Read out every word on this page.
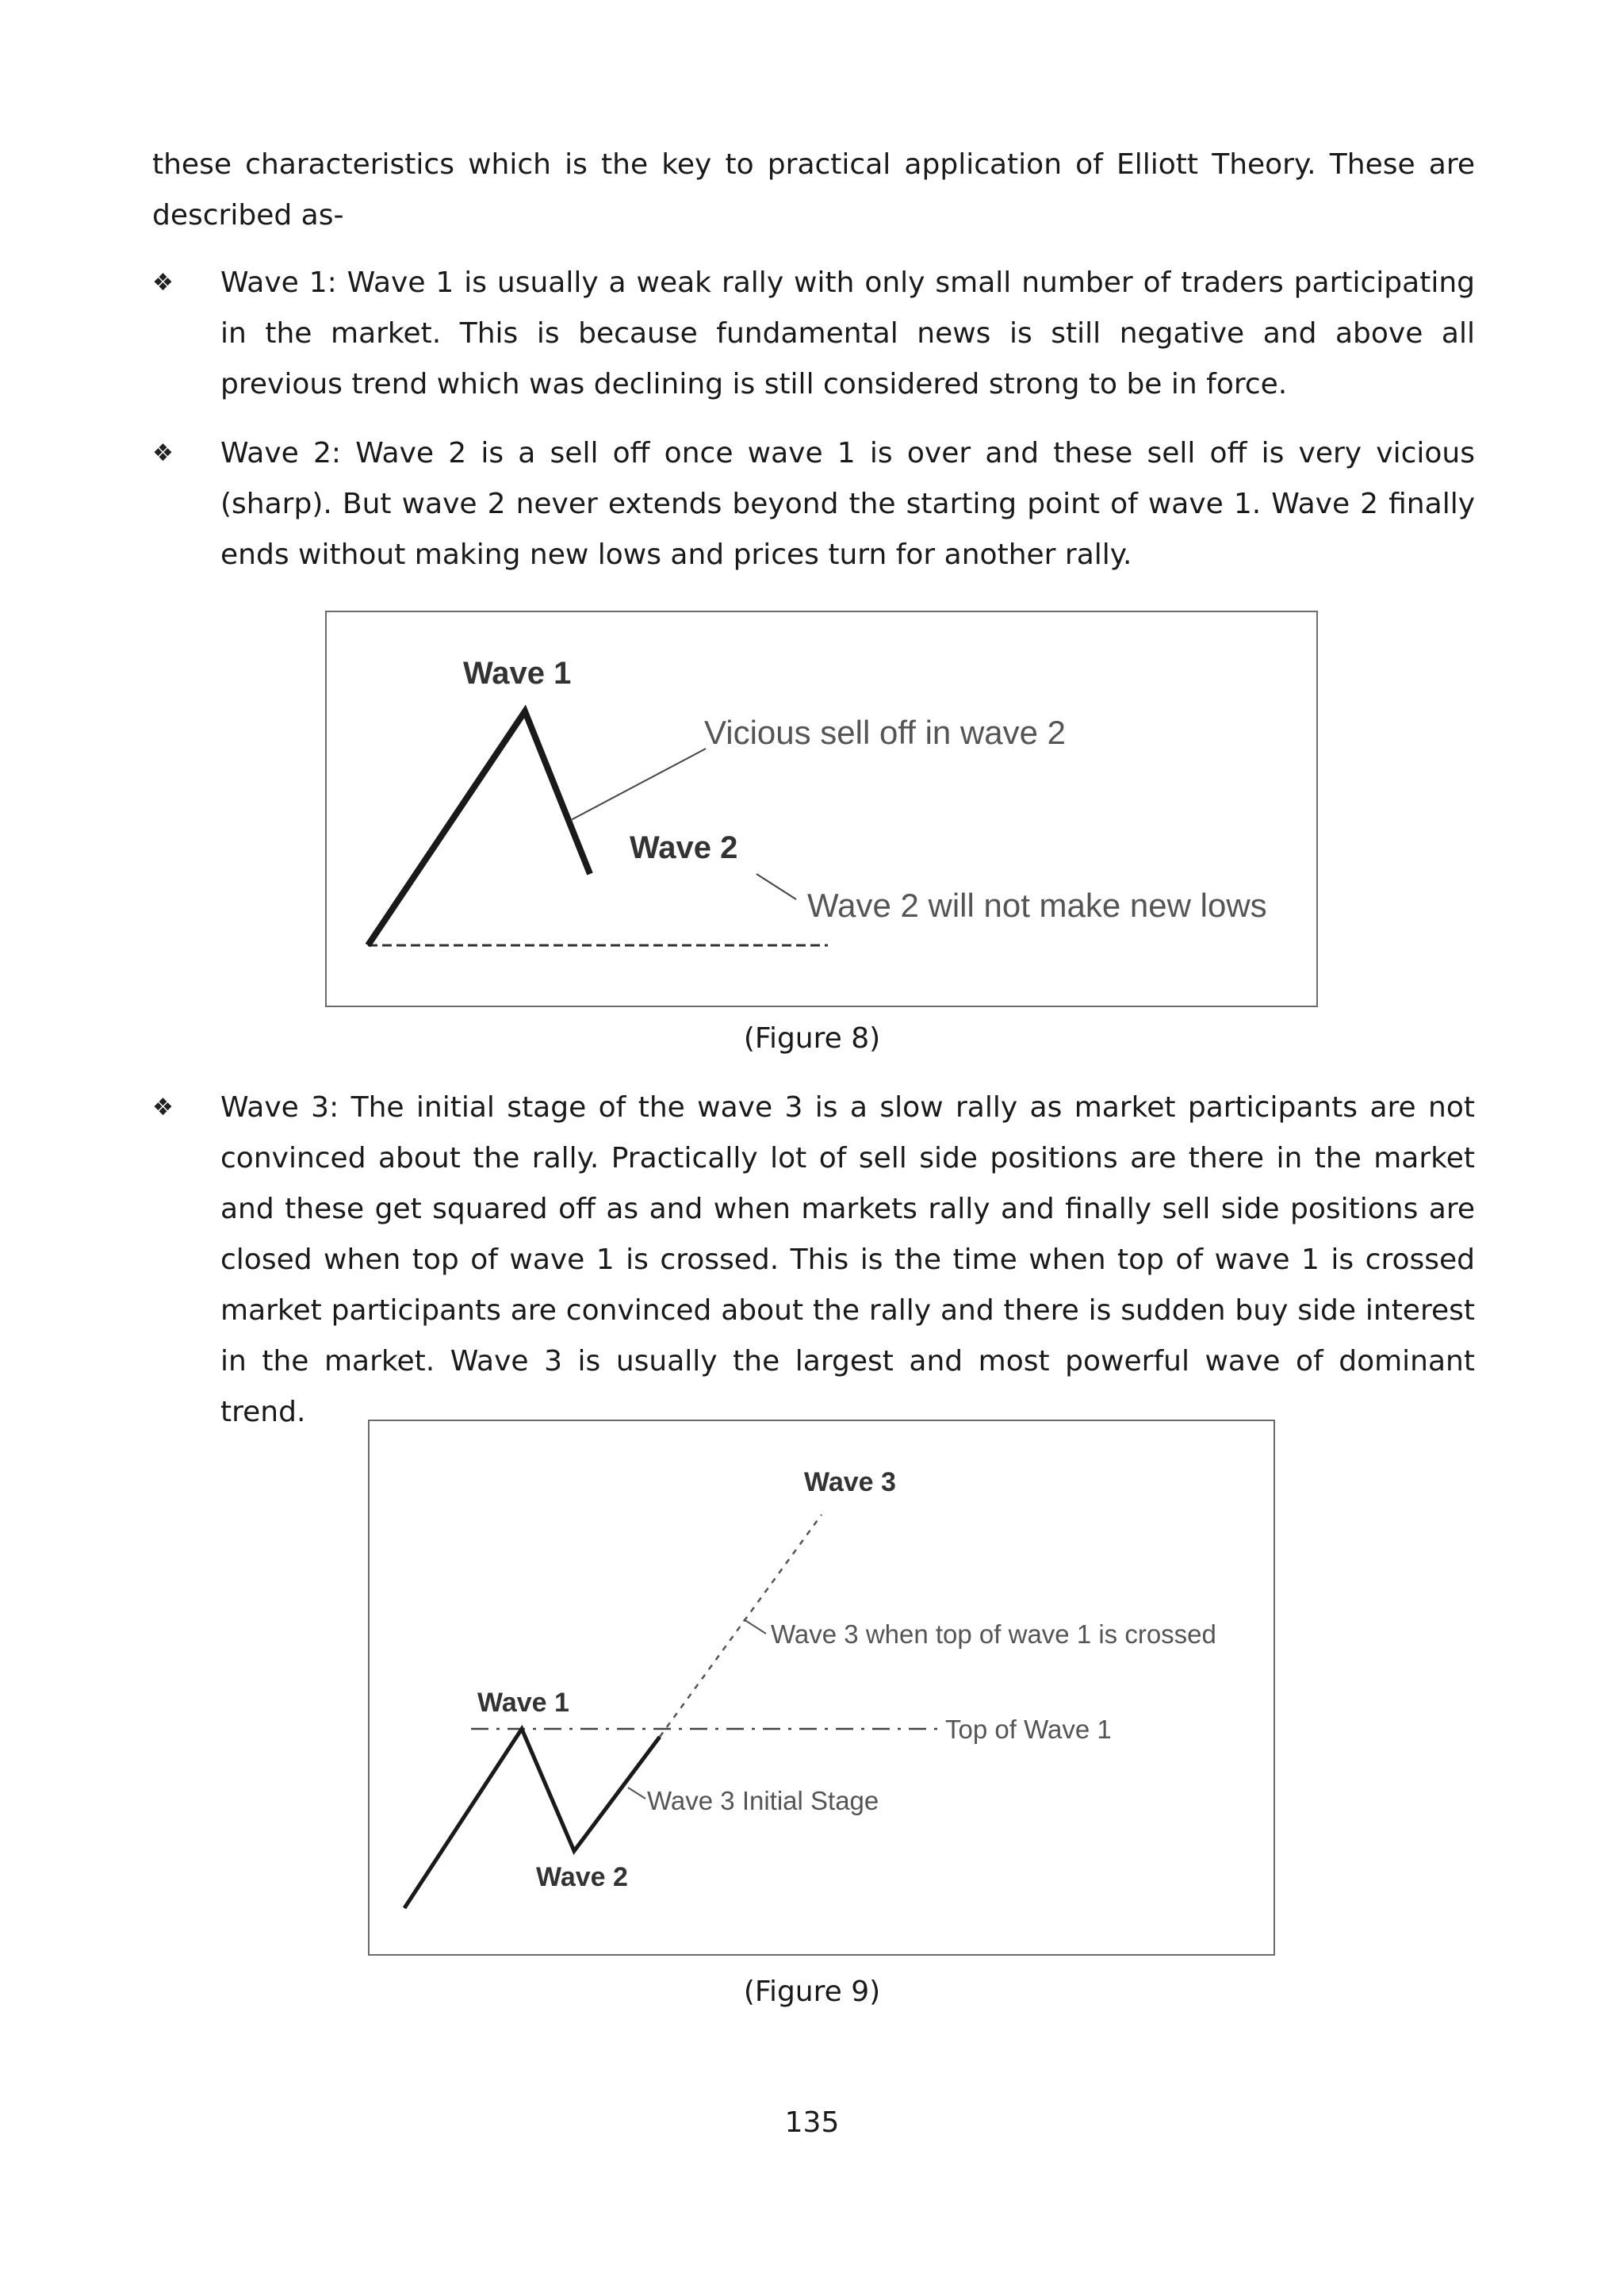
these characteristics which is the key to practical application of Elliott Theory. These are
described as-
❖ Wave 1: Wave 1 is usually a weak rally with only small number of traders participating in the market. This is because fundamental news is still negative and above all previous trend which was declining is still considered strong to be in force.
❖ Wave 2: Wave 2 is a sell off once wave 1 is over and these sell off is very vicious (sharp). But wave 2 never extends beyond the starting point of wave 1. Wave 2 finally ends without making new lows and prices turn for another rally.
Wave 1
Wave 2
Vicious sell off in wave 2
Wave 2 will not make new lows
(Figure 8)
❖ Wave 3: The initial stage of the wave 3 is a slow rally as market participants are not convinced about the rally. Practically lot of sell side positions are there in the market and these get squared off as and when markets rally and finally sell side positions are closed when top of wave 1 is crossed. This is the time when top of wave 1 is crossed market participants are convinced about the rally and there is sudden buy side interest in the market. Wave 3 is usually the largest and most powerful wave of dominant trend.
Wave 1
Wave 2
Wave 3
Wave 3 when top of wave 1 is crossed
Top of Wave 1
Wave 3 Initial Stage
(Figure 9)
135
